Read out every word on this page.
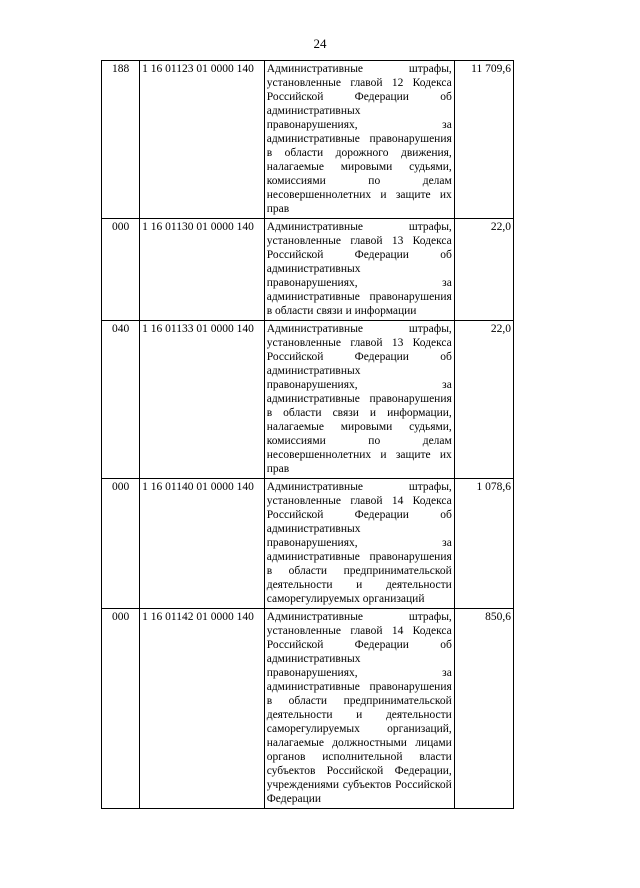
24
188	1 16 01123 01 0000 140	Административные штрафы, установленные главой 12 Кодекса Российской Федерации об административных правонарушениях, за административные правонарушения в области дорожного движения, налагаемые мировыми судьями, комиссиями по делам несовершеннолетних и защите их прав	11 709,6
000	1 16 01130 01 0000 140	Административные штрафы, установленные главой 13 Кодекса Российской Федерации об административных правонарушениях, за административные правонарушения в области связи и информации	22,0
040	1 16 01133 01 0000 140	Административные штрафы, установленные главой 13 Кодекса Российской Федерации об административных правонарушениях, за административные правонарушения в области связи и информации, налагаемые мировыми судьями, комиссиями по делам несовершеннолетних и защите их прав	22,0
000	1 16 01140 01 0000 140	Административные штрафы, установленные главой 14 Кодекса Российской Федерации об административных правонарушениях, за административные правонарушения в области предпринимательской деятельности и деятельности саморегулируемых организаций	1 078,6
000	1 16 01142 01 0000 140	Административные штрафы, установленные главой 14 Кодекса Российской Федерации об административных правонарушениях, за административные правонарушения в области предпринимательской деятельности и деятельности саморегулируемых организаций, налагаемые должностными лицами органов исполнительной власти субъектов Российской Федерации, учреждениями субъектов Российской Федерации	850,6
